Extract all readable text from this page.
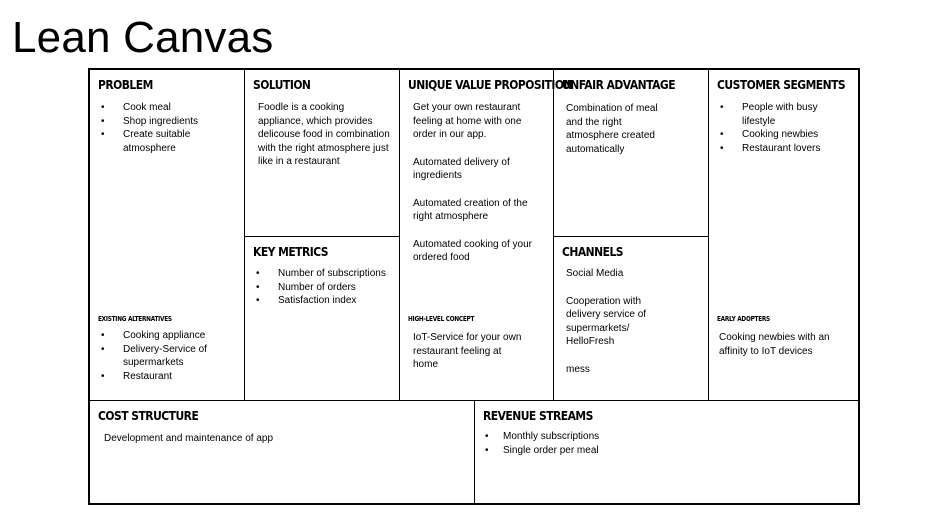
Lean Canvas
PROBLEM
• Cook meal
• Shop ingredients
• Create suitable atmosphere
EXISTING ALTERNATIVES
• Cooking appliance
• Delivery-Service of supermarkets
• Restaurant
SOLUTION
Foodle is a cooking appliance, which provides delicouse food in combination with the right atmosphere just like in a restaurant
KEY METRICS
• Number of subscriptions
• Number of orders
• Satisfaction index
UNIQUE VALUE PROPOSITION

Get your own restaurant feeling at home with one order in our app.

Automated delivery of ingredients

Automated creation of the right atmosphere

Automated cooking of your ordered food

HIGH-LEVEL CONCEPT
IoT-Service for your own restaurant feeling at home
UNFAIR ADVANTAGE
Combination of meal and the right atmosphere created automatically
CHANNELS

Social Media

Cooperation with delivery service of supermarkets/ HelloFresh

mess

CUSTOMER SEGMENTS
• People with busy lifestyle
• Cooking newbies
• Restaurant lovers
EARLY ADOPTERS
Cooking newbies with an affinity to IoT devices
COST STRUCTURE
Development and maintenance of app
REVENUE STREAMS
• Monthly subscriptions
• Single order per meal
